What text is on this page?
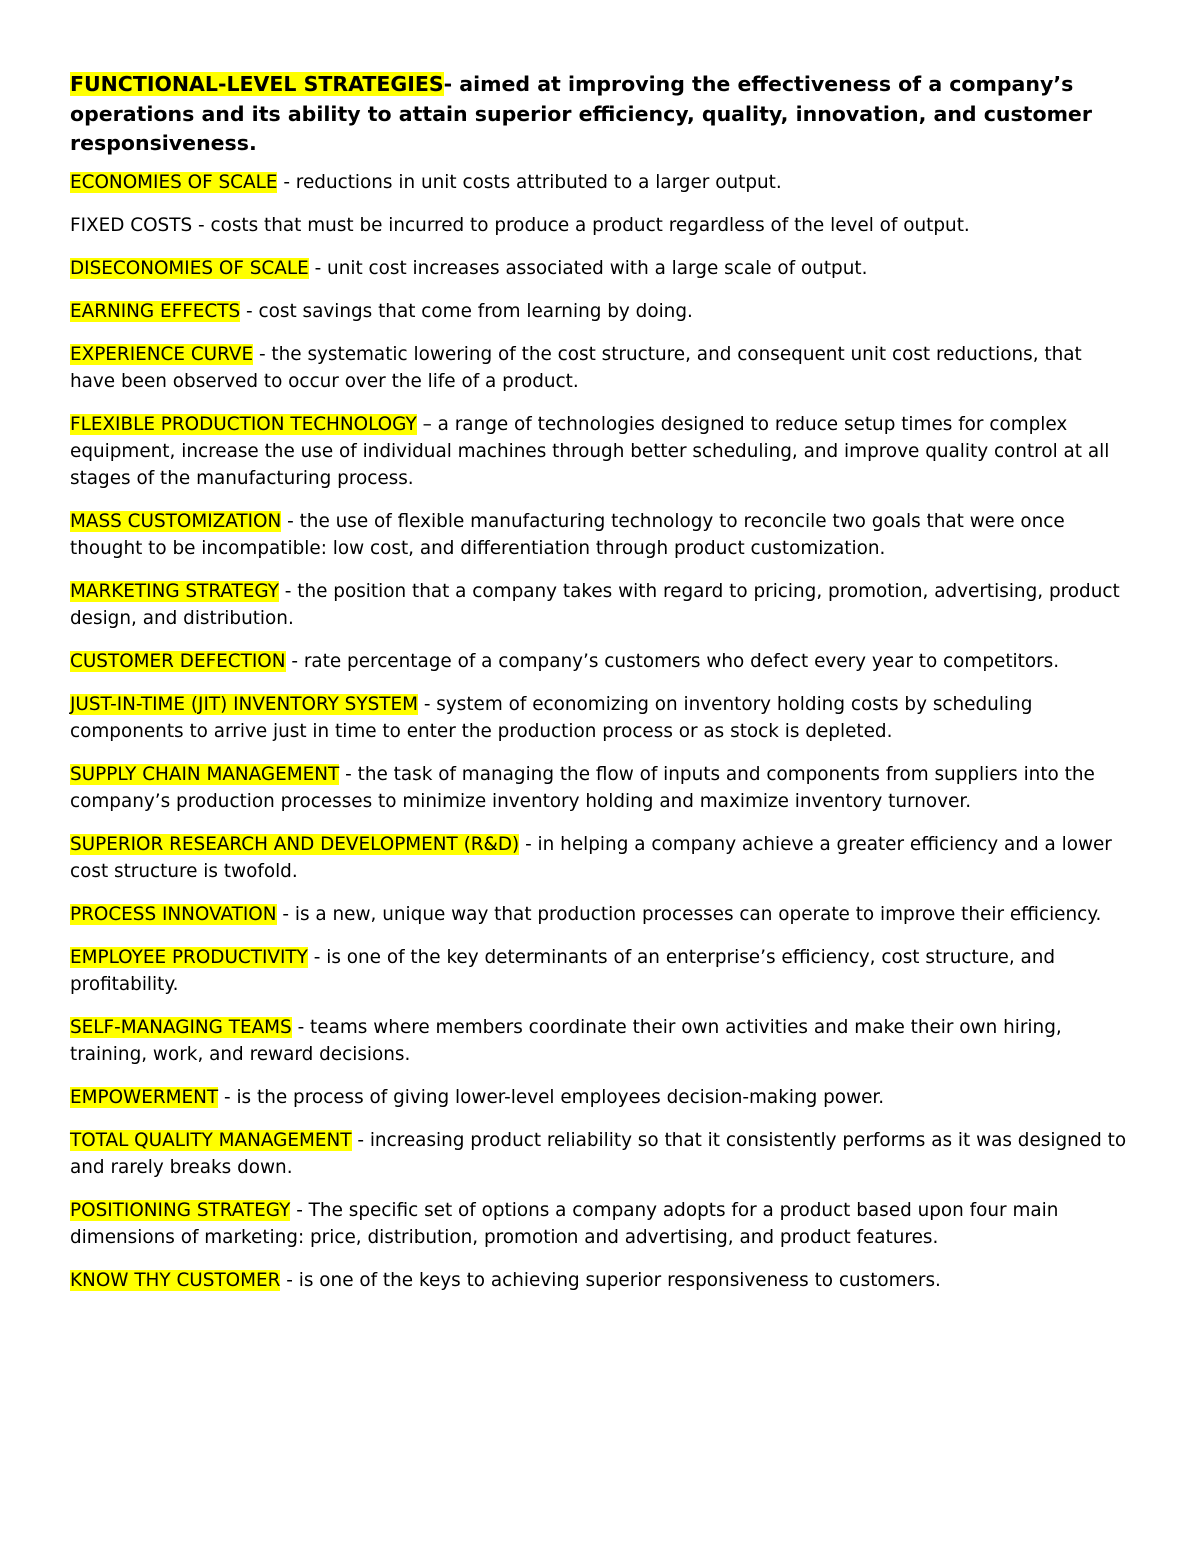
FUNCTIONAL-LEVEL STRATEGIES- aimed at improving the effectiveness of a company’s operations and its ability to attain superior efficiency, quality, innovation, and customer responsiveness.

ECONOMIES OF SCALE - reductions in unit costs attributed to a larger output.

FIXED COSTS - costs that must be incurred to produce a product regardless of the level of output.

DISECONOMIES OF SCALE - unit cost increases associated with a large scale of output.

EARNING EFFECTS - cost savings that come from learning by doing.

EXPERIENCE CURVE - the systematic lowering of the cost structure, and consequent unit cost reductions, that have been observed to occur over the life of a product.

FLEXIBLE PRODUCTION TECHNOLOGY – a range of technologies designed to reduce setup times for complex equipment, increase the use of individual machines through better scheduling, and improve quality control at all stages of the manufacturing process.

MASS CUSTOMIZATION - the use of flexible manufacturing technology to reconcile two goals that were once thought to be incompatible: low cost, and differentiation through product customization.

MARKETING STRATEGY - the position that a company takes with regard to pricing, promotion, advertising, product design, and distribution.

CUSTOMER DEFECTION - rate percentage of a company’s customers who defect every year to competitors.

JUST-IN-TIME (JIT) INVENTORY SYSTEM - system of economizing on inventory holding costs by scheduling components to arrive just in time to enter the production process or as stock is depleted.

SUPPLY CHAIN MANAGEMENT - the task of managing the flow of inputs and components from suppliers into the company’s production processes to minimize inventory holding and maximize inventory turnover.

SUPERIOR RESEARCH AND DEVELOPMENT (R&D) - in helping a company achieve a greater efficiency and a lower cost structure is twofold.

PROCESS INNOVATION - is a new, unique way that production processes can operate to improve their efficiency.

EMPLOYEE PRODUCTIVITY - is one of the key determinants of an enterprise’s efficiency, cost structure, and profitability.

SELF-MANAGING TEAMS - teams where members coordinate their own activities and make their own hiring, training, work, and reward decisions.

EMPOWERMENT - is the process of giving lower-level employees decision-making power.

TOTAL QUALITY MANAGEMENT - increasing product reliability so that it consistently performs as it was designed to and rarely breaks down.

POSITIONING STRATEGY - The specific set of options a company adopts for a product based upon four main dimensions of marketing: price, distribution, promotion and advertising, and product features.

KNOW THY CUSTOMER - is one of the keys to achieving superior responsiveness to customers.
